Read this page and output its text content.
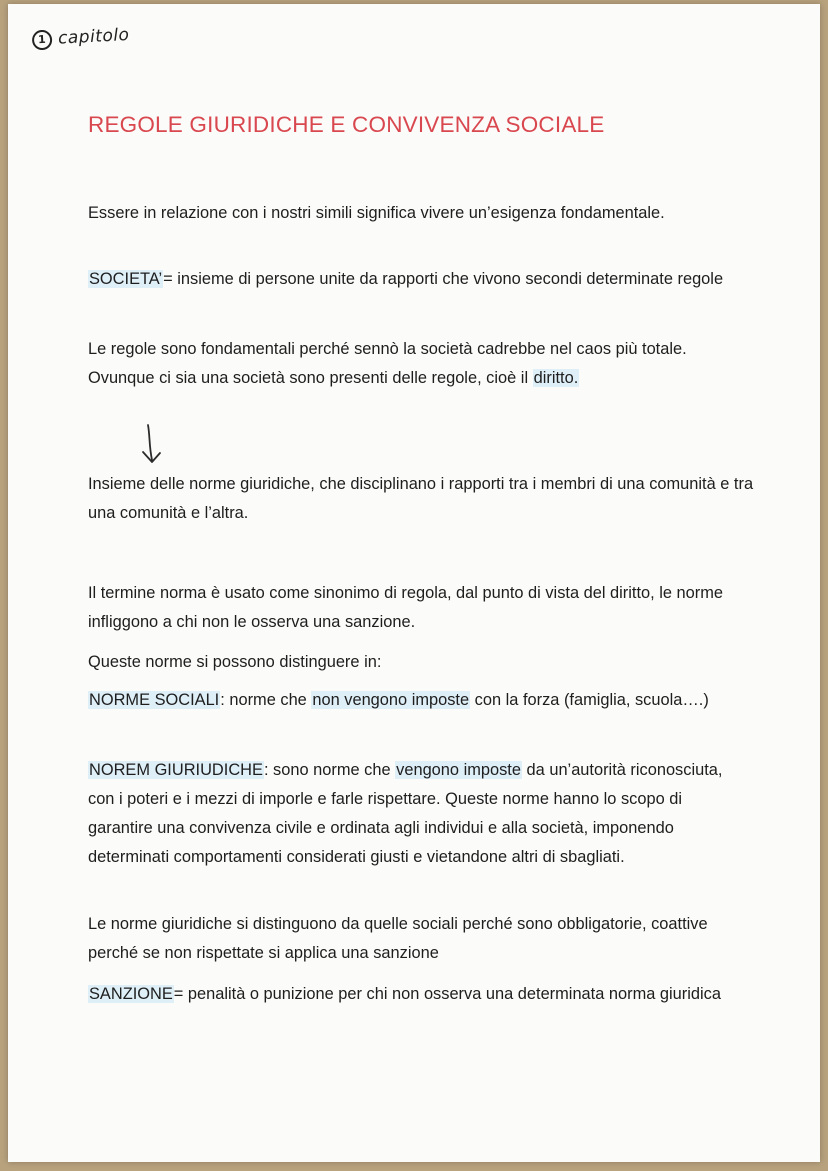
1 capitolo
REGOLE GIURIDICHE E CONVIVENZA SOCIALE

Essere in relazione con i nostri simili significa vivere un’esigenza fondamentale.

SOCIETA’= insieme di persone unite da rapporti che vivono secondi determinate regole

Le regole sono fondamentali perché sennò la società cadrebbe nel caos più totale. Ovunque ci sia una società sono presenti delle regole, cioè il diritto.

Insieme delle norme giuridiche, che disciplinano i rapporti tra i membri di una comunità e tra una comunità e l’altra.

Il termine norma è usato come sinonimo di regola, dal punto di vista del diritto, le norme infliggono a chi non le osserva una sanzione.

Queste norme si possono distinguere in:

NORME SOCIALI: norme che non vengono imposte con la forza (famiglia, scuola….)

NOREM GIURIUDICHE: sono norme che vengono imposte da un’autorità riconosciuta, con i poteri e i mezzi di imporle e farle rispettare. Queste norme hanno lo scopo di garantire una convivenza civile e ordinata agli individui e alla società, imponendo determinati comportamenti considerati giusti e vietandone altri di sbagliati.

Le norme giuridiche si distinguono da quelle sociali perché sono obbligatorie, coattive perché se non rispettate si applica una sanzione

SANZIONE= penalità o punizione per chi non osserva una determinata norma giuridica
